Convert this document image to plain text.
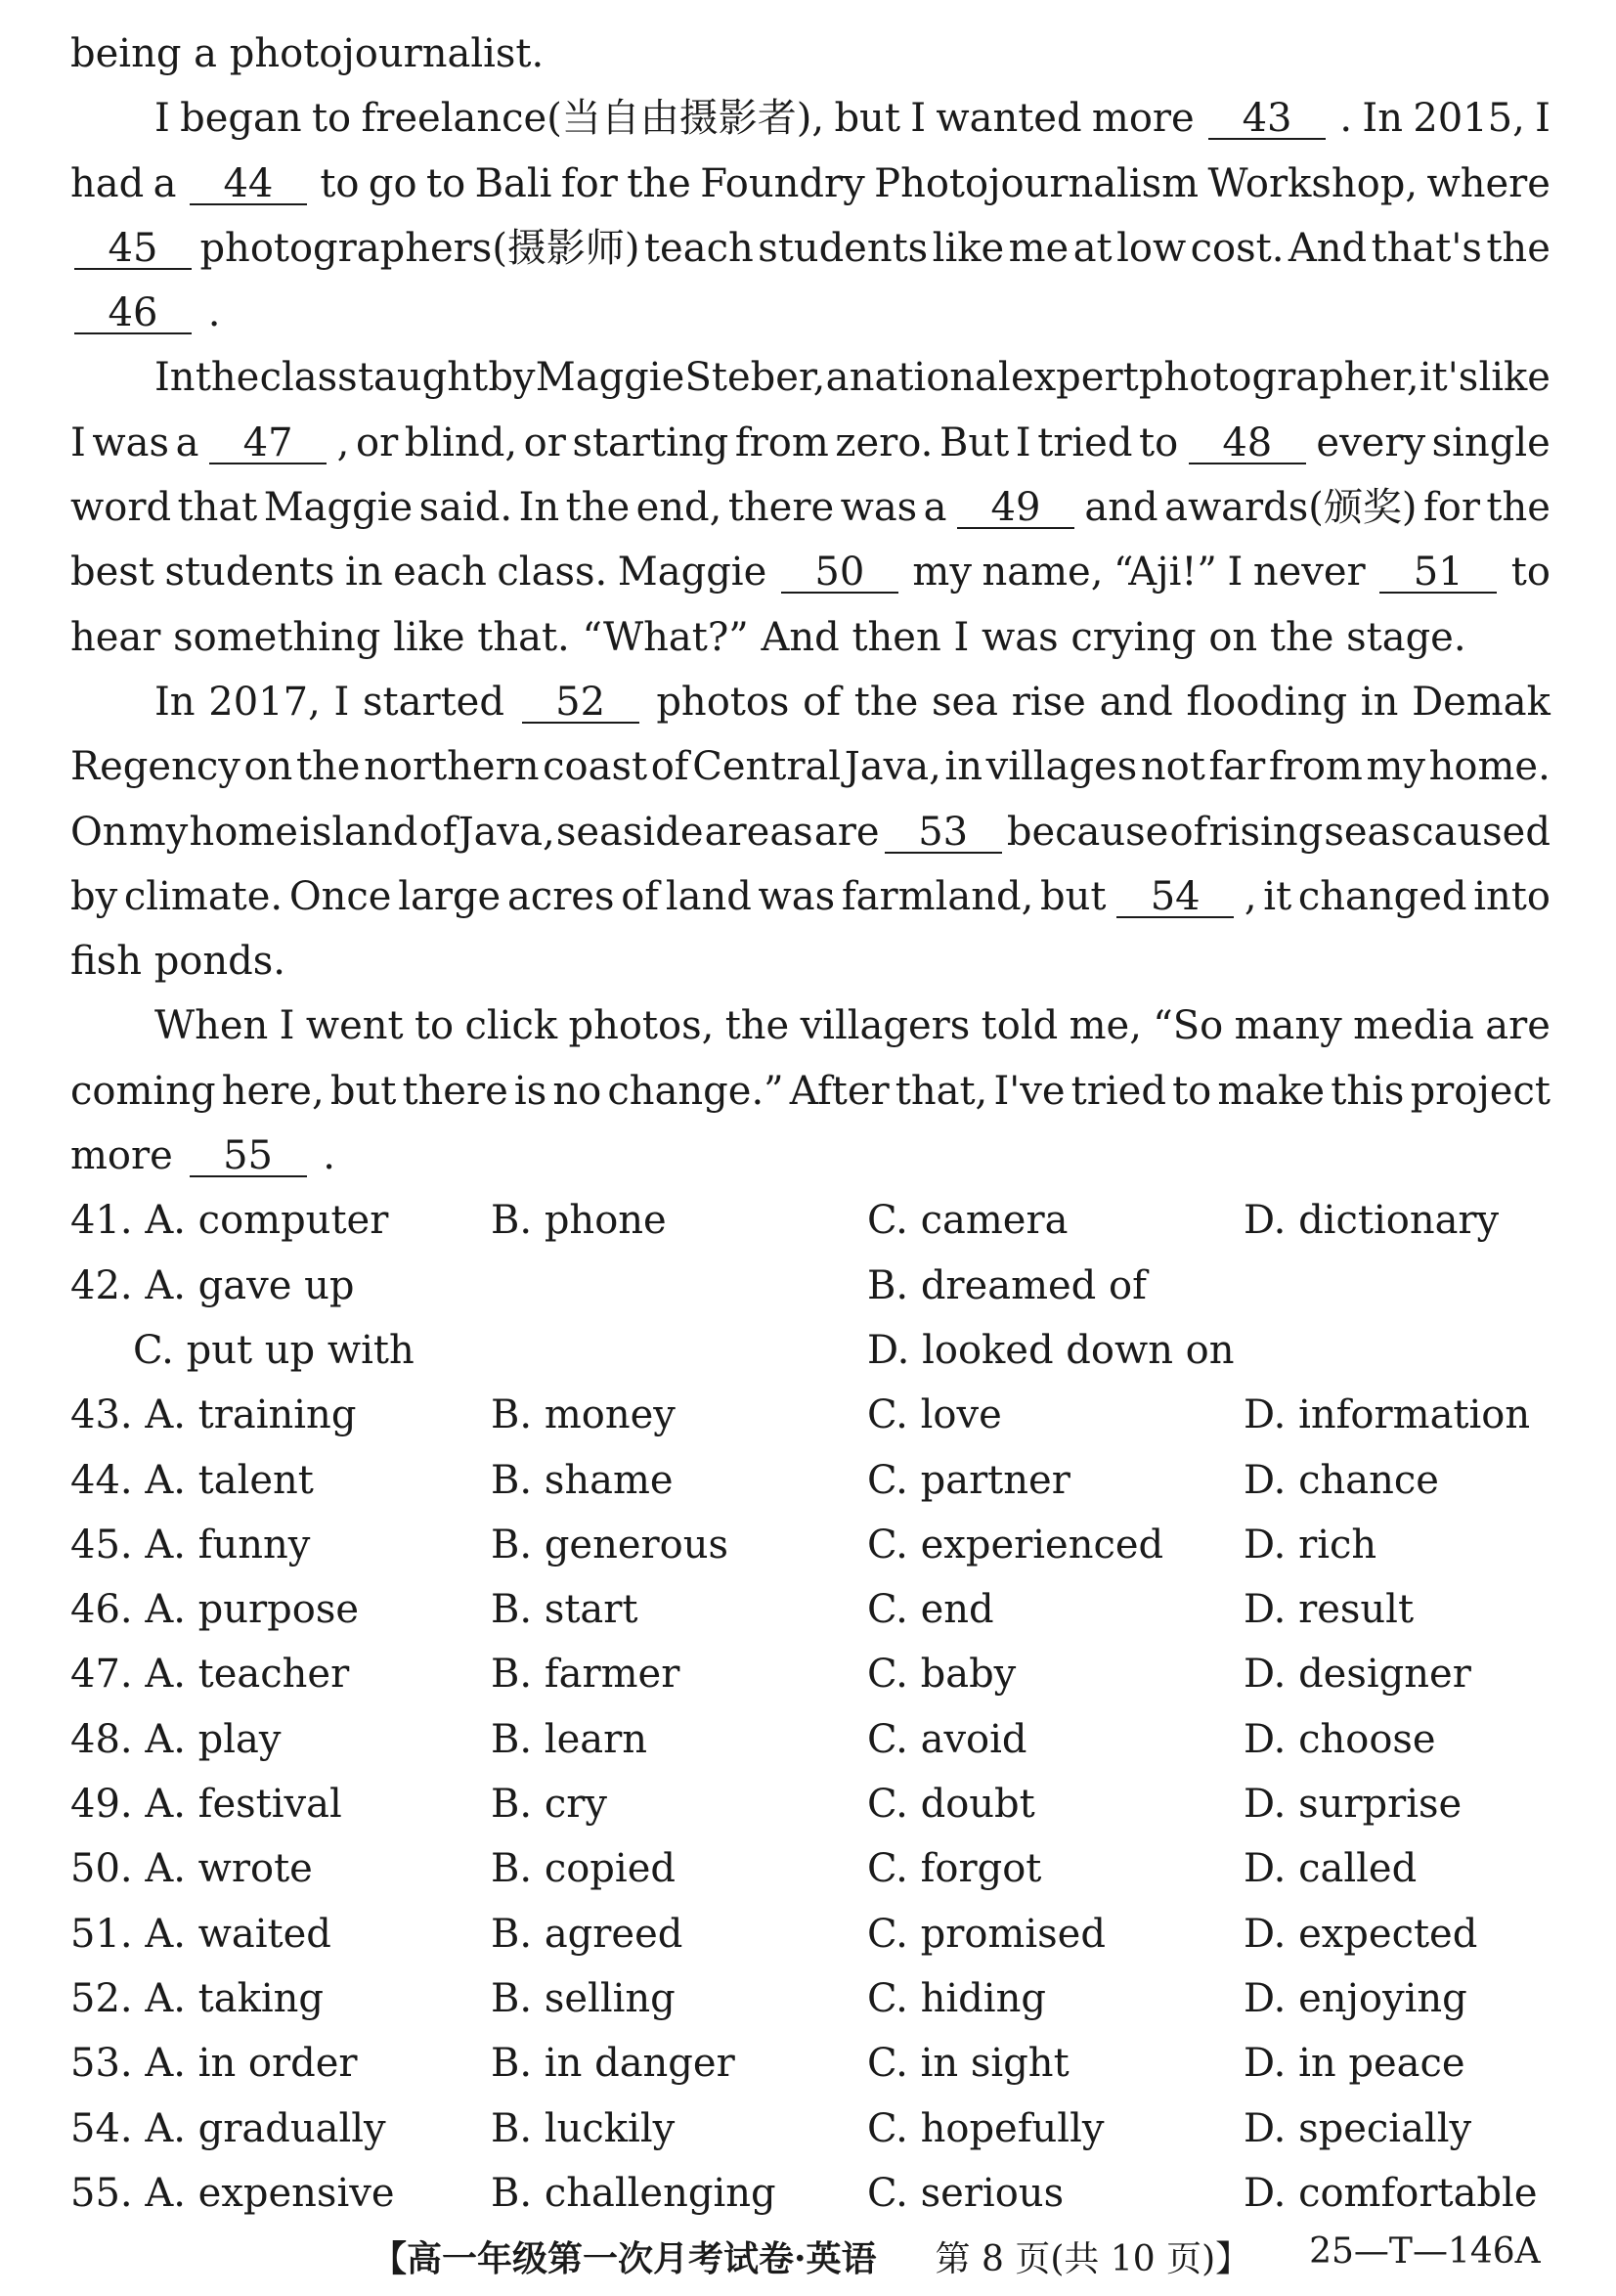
being a photojournalist.
I began to freelance(当自由摄影者), but I wanted more	43	. In 2015, I
had a	44	to go to Bali for the Foundry Photojournalism Workshop, where
45	photographers(摄影师) teach students like me at low cost. And that's the
46 .
In the class taught by Maggie Steber, a national expert photographer, it's like
I was a	47	, or blind, or starting from zero. But I tried to	48	every single
word that Maggie said. In the end, there was a	49	and awards(颁奖) for the
best students in each class. Maggie	50	my name, “Aji!” I never	51	to
hear something like that. “What?” And then I was crying on the stage.
In 2017, I started	52	photos of the sea rise and flooding in Demak
Regency on the northern coast of Central Java, in villages not far from my home.
On my home island of Java, seaside areas are 53 because of rising seas caused
by climate. Once large acres of land was farmland, but	54	, it changed into
fish ponds.
When I went to click photos, the villagers told me, “So many media are
coming here, but there is no change.” After that, I've tried to make this project
more 55 .
41. A. computer	B. phone	C. camera	D. dictionary
42. A. gave up	B. dreamed of
C. put up with	D. looked down on
43. A. training	B. money	C. love	D. information
44. A. talent	B. shame	C. partner	D. chance
45. A. funny	B. generous	C. experienced D. rich
46. A. purpose	B. start	C. end	D. result
47. A. teacher	B. farmer	C. baby	D. designer
48. A. play	B. learn	C. avoid	D. choose
49. A. festival	B. cry	C. doubt	D. surprise
50. A. wrote	B. copied	C. forgot	D. called
51. A. waited	B. agreed	C. promised	D. expected
52. A. taking	B. selling	C. hiding	D. enjoying
53. A. in order	B. in danger	C. in sight	D. in peace
54. A. gradually	B. luckily	C. hopefully	D. specially
55. A. expensive B. challenging C. serious	D. comfortable
【高一年级第一次月考试卷·英语 第 8 页(共 10 页)】 25—T—146A
